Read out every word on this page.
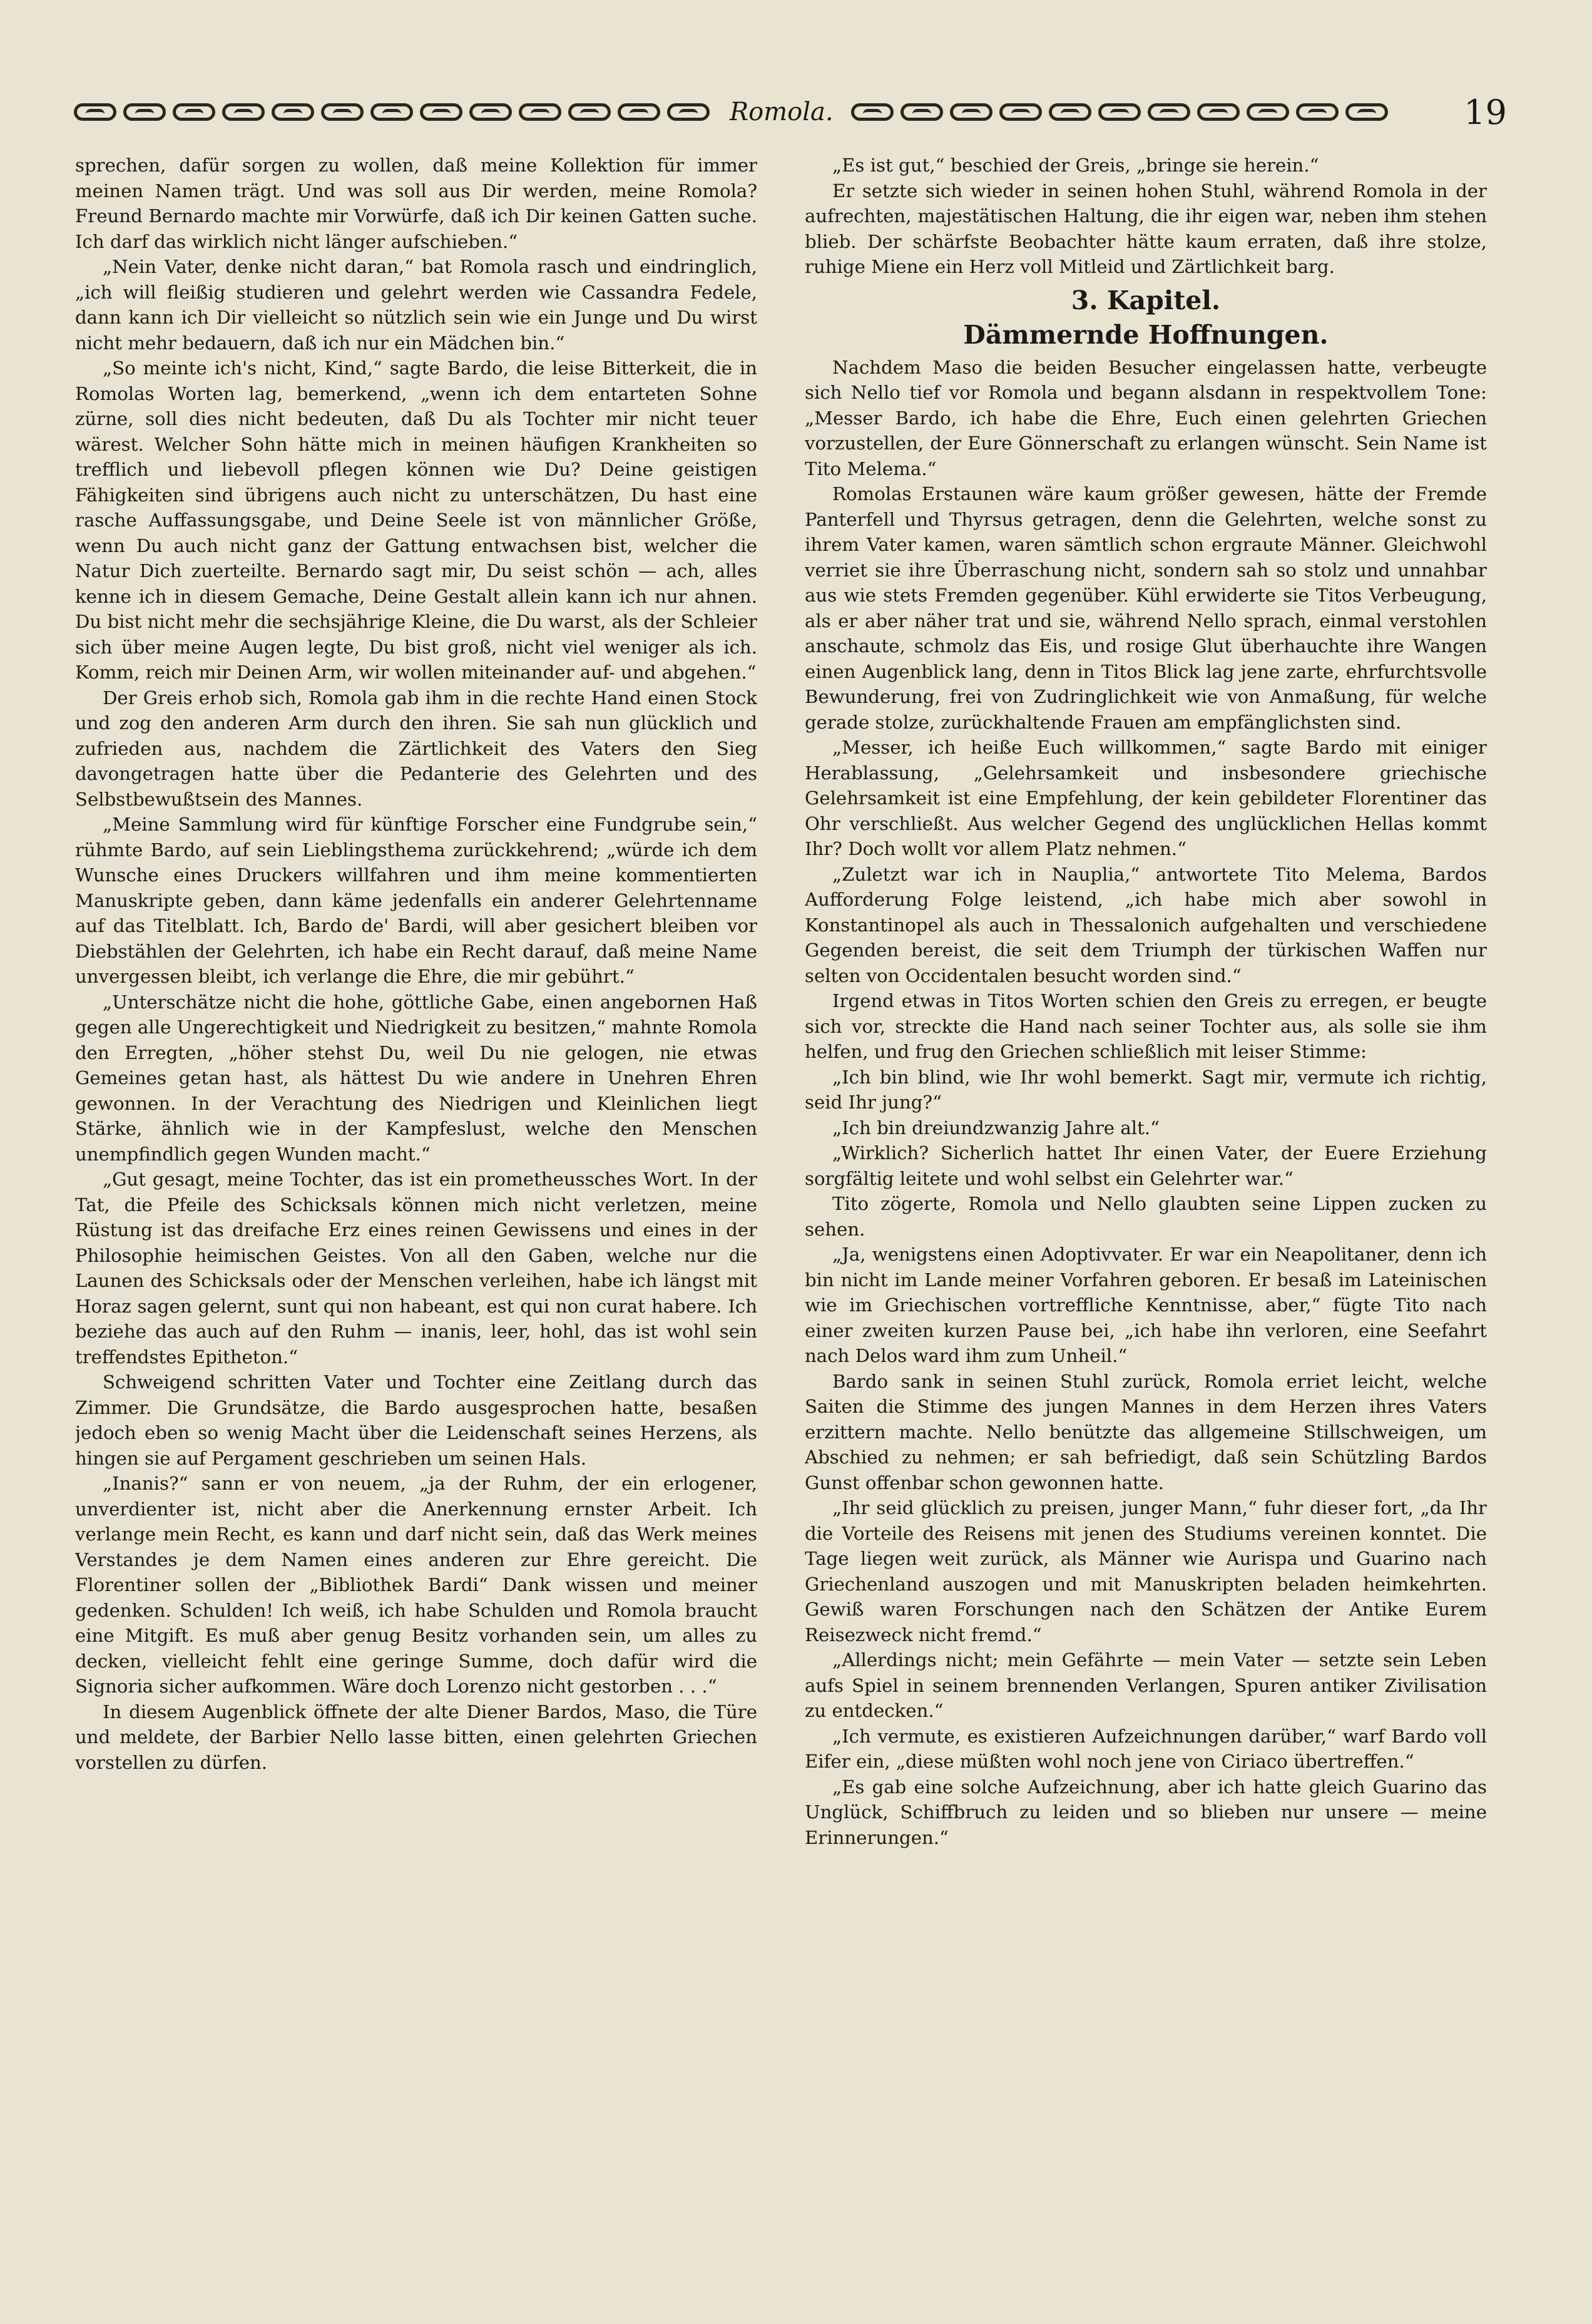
Romola.	19

sprechen, dafür sorgen zu wollen, daß meine Kollektion für immer meinen Namen trägt. Und was soll aus Dir werden, meine Romola? Freund Bernardo machte mir Vorwürfe, daß ich Dir keinen Gatten suche. Ich darf das wirklich nicht länger aufschieben.“

„Nein Vater, denke nicht daran,“ bat Romola rasch und eindringlich, „ich will fleißig studieren und gelehrt werden wie Cassandra Fedele, dann kann ich Dir vielleicht so nützlich sein wie ein Junge und Du wirst nicht mehr bedauern, daß ich nur ein Mädchen bin.“

„So meinte ich's nicht, Kind,“ sagte Bardo, die leise Bitterkeit, die in Romolas Worten lag, bemerkend, „wenn ich dem entarteten Sohne zürne, soll dies nicht bedeuten, daß Du als Tochter mir nicht teuer wärest. Welcher Sohn hätte mich in meinen häufigen Krankheiten so trefflich und liebevoll pflegen können wie Du? Deine geistigen Fähigkeiten sind übrigens auch nicht zu unterschätzen, Du hast eine rasche Auffassungsgabe, und Deine Seele ist von männlicher Größe, wenn Du auch nicht ganz der Gattung entwachsen bist, welcher die Natur Dich zuerteilte. Bernardo sagt mir, Du seist schön — ach, alles kenne ich in diesem Gemache, Deine Gestalt allein kann ich nur ahnen. Du bist nicht mehr die sechsjährige Kleine, die Du warst, als der Schleier sich über meine Augen legte, Du bist groß, nicht viel weniger als ich. Komm, reich mir Deinen Arm, wir wollen miteinander auf- und abgehen.“

Der Greis erhob sich, Romola gab ihm in die rechte Hand einen Stock und zog den anderen Arm durch den ihren. Sie sah nun glücklich und zufrieden aus, nachdem die Zärtlichkeit des Vaters den Sieg davongetragen hatte über die Pedanterie des Gelehrten und des Selbstbewußtsein des Mannes.

„Meine Sammlung wird für künftige Forscher eine Fundgrube sein,“ rühmte Bardo, auf sein Lieblingsthema zurückkehrend; „würde ich dem Wunsche eines Druckers willfahren und ihm meine kommentierten Manuskripte geben, dann käme jedenfalls ein anderer Gelehrtenname auf das Titelblatt. Ich, Bardo de' Bardi, will aber gesichert bleiben vor Diebstählen der Gelehrten, ich habe ein Recht darauf, daß meine Name unvergessen bleibt, ich verlange die Ehre, die mir gebührt.“

„Unterschätze nicht die hohe, göttliche Gabe, einen angebornen Haß gegen alle Ungerechtigkeit und Niedrigkeit zu besitzen,“ mahnte Romola den Erregten, „höher stehst Du, weil Du nie gelogen, nie etwas Gemeines getan hast, als hättest Du wie andere in Unehren Ehren gewonnen. In der Verachtung des Niedrigen und Kleinlichen liegt Stärke, ähnlich wie in der Kampfeslust, welche den Menschen unempfindlich gegen Wunden macht.“

„Gut gesagt, meine Tochter, das ist ein prometheussches Wort. In der Tat, die Pfeile des Schicksals können mich nicht verletzen, meine Rüstung ist das dreifache Erz eines reinen Gewissens und eines in der Philosophie heimischen Geistes. Von all den Gaben, welche nur die Launen des Schicksals oder der Menschen verleihen, habe ich längst mit Horaz sagen gelernt, sunt qui non habeant, est qui non curat habere. Ich beziehe das auch auf den Ruhm — inanis, leer, hohl, das ist wohl sein treffendstes Epitheton.“

Schweigend schritten Vater und Tochter eine Zeitlang durch das Zimmer. Die Grundsätze, die Bardo ausgesprochen hatte, besaßen jedoch eben so wenig Macht über die Leidenschaft seines Herzens, als hingen sie auf Pergament geschrieben um seinen Hals.

„Inanis?“ sann er von neuem, „ja der Ruhm, der ein erlogener, unverdienter ist, nicht aber die Anerkennung ernster Arbeit. Ich verlange mein Recht, es kann und darf nicht sein, daß das Werk meines Verstandes je dem Namen eines anderen zur Ehre gereicht. Die Florentiner sollen der „Bibliothek Bardi“ Dank wissen und meiner gedenken. Schulden! Ich weiß, ich habe Schulden und Romola braucht eine Mitgift. Es muß aber genug Besitz vorhanden sein, um alles zu decken, vielleicht fehlt eine geringe Summe, doch dafür wird die Signoria sicher aufkommen. Wäre doch Lorenzo nicht gestorben . . .“

In diesem Augenblick öffnete der alte Diener Bardos, Maso, die Türe und meldete, der Barbier Nello lasse bitten, einen gelehrten Griechen vorstellen zu dürfen.

„Es ist gut,“ beschied der Greis, „bringe sie herein.“

Er setzte sich wieder in seinen hohen Stuhl, während Romola in der aufrechten, majestätischen Haltung, die ihr eigen war, neben ihm stehen blieb. Der schärfste Beobachter hätte kaum erraten, daß ihre stolze, ruhige Miene ein Herz voll Mitleid und Zärtlichkeit barg.

3. Kapitel.
Dämmernde Hoffnungen.

Nachdem Maso die beiden Besucher eingelassen hatte, verbeugte sich Nello tief vor Romola und begann alsdann in respektvollem Tone: „Messer Bardo, ich habe die Ehre, Euch einen gelehrten Griechen vorzustellen, der Eure Gönnerschaft zu erlangen wünscht. Sein Name ist Tito Melema.“

Romolas Erstaunen wäre kaum größer gewesen, hätte der Fremde Panterfell und Thyrsus getragen, denn die Gelehrten, welche sonst zu ihrem Vater kamen, waren sämtlich schon ergraute Männer. Gleichwohl verriet sie ihre Überraschung nicht, sondern sah so stolz und unnahbar aus wie stets Fremden gegenüber. Kühl erwiderte sie Titos Verbeugung, als er aber näher trat und sie, während Nello sprach, einmal verstohlen anschaute, schmolz das Eis, und rosige Glut überhauchte ihre Wangen einen Augenblick lang, denn in Titos Blick lag jene zarte, ehrfurchtsvolle Bewunderung, frei von Zudringlichkeit wie von Anmaßung, für welche gerade stolze, zurückhaltende Frauen am empfänglichsten sind.

„Messer, ich heiße Euch willkommen,“ sagte Bardo mit einiger Herablassung, „Gelehrsamkeit und insbesondere griechische Gelehrsamkeit ist eine Empfehlung, der kein gebildeter Florentiner das Ohr verschließt. Aus welcher Gegend des unglücklichen Hellas kommt Ihr? Doch wollt vor allem Platz nehmen.“

„Zuletzt war ich in Nauplia,“ antwortete Tito Melema, Bardos Aufforderung Folge leistend, „ich habe mich aber sowohl in Konstantinopel als auch in Thessalonich aufgehalten und verschiedene Gegenden bereist, die seit dem Triumph der türkischen Waffen nur selten von Occidentalen besucht worden sind.“

Irgend etwas in Titos Worten schien den Greis zu erregen, er beugte sich vor, streckte die Hand nach seiner Tochter aus, als solle sie ihm helfen, und frug den Griechen schließlich mit leiser Stimme:

„Ich bin blind, wie Ihr wohl bemerkt. Sagt mir, vermute ich richtig, seid Ihr jung?“

„Ich bin dreiundzwanzig Jahre alt.“

„Wirklich? Sicherlich hattet Ihr einen Vater, der Euere Erziehung sorgfältig leitete und wohl selbst ein Gelehrter war.“

Tito zögerte, Romola und Nello glaubten seine Lippen zucken zu sehen.

„Ja, wenigstens einen Adoptivvater. Er war ein Neapolitaner, denn ich bin nicht im Lande meiner Vorfahren geboren. Er besaß im Lateinischen wie im Griechischen vortreffliche Kenntnisse, aber,“ fügte Tito nach einer zweiten kurzen Pause bei, „ich habe ihn verloren, eine Seefahrt nach Delos ward ihm zum Unheil.“

Bardo sank in seinen Stuhl zurück, Romola erriet leicht, welche Saiten die Stimme des jungen Mannes in dem Herzen ihres Vaters erzittern machte. Nello benützte das allgemeine Stillschweigen, um Abschied zu nehmen; er sah befriedigt, daß sein Schützling Bardos Gunst offenbar schon gewonnen hatte.

„Ihr seid glücklich zu preisen, junger Mann,“ fuhr dieser fort, „da Ihr die Vorteile des Reisens mit jenen des Studiums vereinen konntet. Die Tage liegen weit zurück, als Männer wie Aurispa und Guarino nach Griechenland auszogen und mit Manuskripten beladen heimkehrten. Gewiß waren Forschungen nach den Schätzen der Antike Eurem Reisezweck nicht fremd.“

„Allerdings nicht; mein Gefährte — mein Vater — setzte sein Leben aufs Spiel in seinem brennenden Verlangen, Spuren antiker Zivilisation zu entdecken.“

„Ich vermute, es existieren Aufzeichnungen darüber,“ warf Bardo voll Eifer ein, „diese müßten wohl noch jene von Ciriaco übertreffen.“

„Es gab eine solche Aufzeichnung, aber ich hatte gleich Guarino das Unglück, Schiffbruch zu leiden und so blieben nur unsere — meine Erinnerungen.“
